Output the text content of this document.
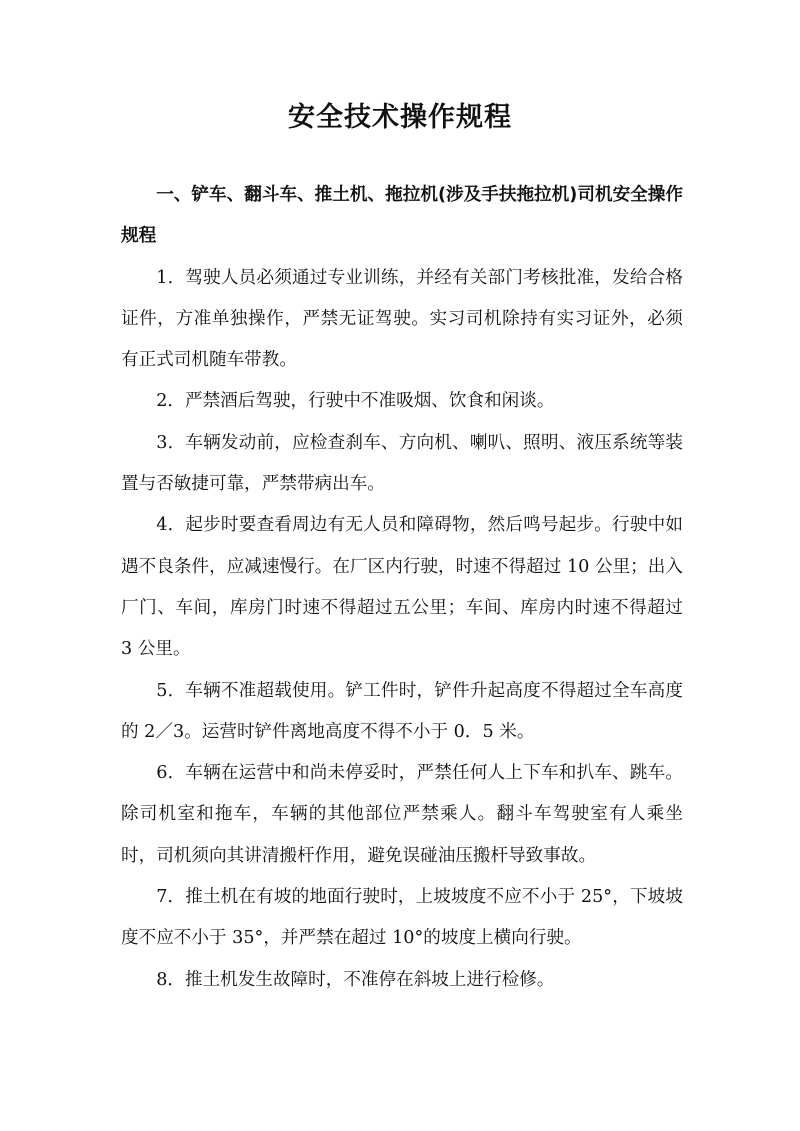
安全技术操作规程

一、铲车、翻斗车、推土机、拖拉机(涉及手扶拖拉机)司机安全操作规程

1．驾驶人员必须通过专业训练，并经有关部门考核批准，发给合格证件，方准单独操作，严禁无证驾驶。实习司机除持有实习证外，必须有正式司机随车带教。

2．严禁酒后驾驶，行驶中不准吸烟、饮食和闲谈。

3．车辆发动前，应检查刹车、方向机、喇叭、照明、液压系统等装置与否敏捷可靠，严禁带病出车。

4．起步时要查看周边有无人员和障碍物，然后鸣号起步。行驶中如遇不良条件，应减速慢行。在厂区内行驶，时速不得超过 10 公里；出入厂门、车间，库房门时速不得超过五公里；车间、库房内时速不得超过 3 公里。

5．车辆不准超载使用。铲工件时，铲件升起高度不得超过全车高度的 2／3。运营时铲件离地高度不得不小于 0．5 米。

6．车辆在运营中和尚未停妥时，严禁任何人上下车和扒车、跳车。除司机室和拖车，车辆的其他部位严禁乘人。翻斗车驾驶室有人乘坐时，司机须向其讲清搬杆作用，避免误碰油压搬杆导致事故。

7．推土机在有坡的地面行驶时，上坡坡度不应不小于 25°，下坡坡度不应不小于 35°，并严禁在超过 10°的坡度上横向行驶。

8．推土机发生故障时，不准停在斜坡上进行检修。
